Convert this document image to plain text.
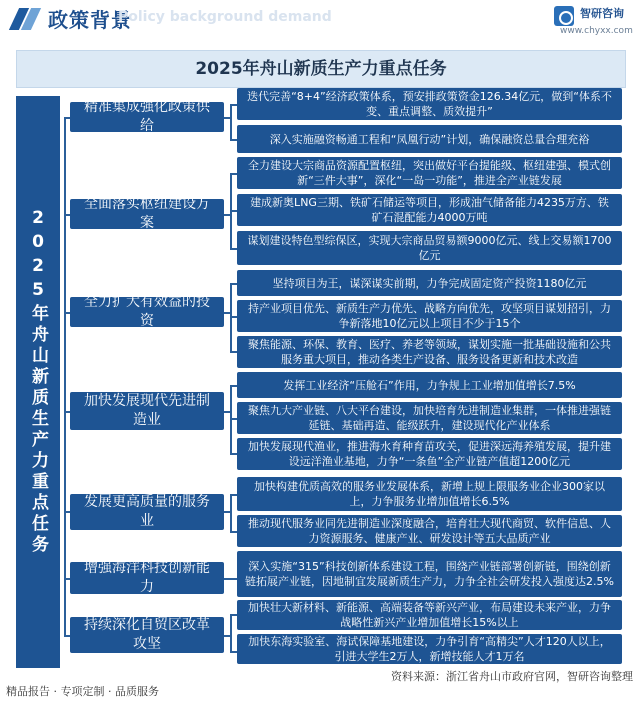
政策背景
Policy background demand	智研咨询
www.chyxx.com
2025年舟山新质生产力重点任务
2025年舟山新质生产力重点任务
精准集成强化政策供给
全面落实枢纽建设方案
全力扩大有效益的投资
加快发展现代先进制造业
发展更高质量的服务业
增强海洋科技创新能力
持续深化自贸区改革攻坚
迭代完善“8+4”经济政策体系，预安排政策资金126.34亿元，做到“体系不变、重点调整、质效提升”
深入实施融资畅通工程和“凤凰行动”计划，确保融资总量合理充裕
全力建设大宗商品资源配置枢纽，突出做好平台提能级、枢纽建强、模式创新“三件大事”，深化“一岛一功能”，推进全产业链发展
建成新奥LNG三期、铁矿石储运等项目，形成油气储备能力4235万方、铁矿石混配能力4000万吨
谋划建设特色型综保区，实现大宗商品贸易额9000亿元、线上交易额1700亿元
坚持项目为王，谋深谋实前期，力争完成固定资产投资1180亿元
持产业项目优先、新质生产力优先、战略方向优先，攻坚项目谋划招引，力争新落地10亿元以上项目不少于15个
聚焦能源、环保、教育、医疗、养老等领域，谋划实施一批基础设施和公共服务重大项目，推动各类生产设备、服务设备更新和技术改造
发挥工业经济“压舱石”作用，力争规上工业增加值增长7.5%
聚焦九大产业链、八大平台建设，加快培育先进制造业集群，一体推进强链延链、基础再造、能级跃升，建设现代化产业体系
加快发展现代渔业，推进海水育种育苗攻关，促进深远海养殖发展，提升建设远洋渔业基地，力争“一条鱼”全产业链产值超1200亿元
加快构建优质高效的服务业发展体系，新增上规上限服务业企业300家以上，力争服务业增加值增长6.5%
推动现代服务业同先进制造业深度融合，培育壮大现代商贸、软件信息、人力资源服务、健康产业、研发设计等五大品质产业
深入实施“315”科技创新体系建设工程，围绕产业链部署创新链，围绕创新链拓展产业链，因地制宜发展新质生产力，力争全社会研发投入强度达2.5%
加快壮大新材料、新能源、高端装备等新兴产业，布局建设未来产业，力争战略性新兴产业增加值增长15%以上
加快东海实验室、海试保障基地建设，力争引育“高精尖”人才120人以上，引进大学生2万人，新增技能人才1万名
精品报告 · 专项定制 · 品质服务
资料来源：浙江省舟山市政府官网，智研咨询整理
